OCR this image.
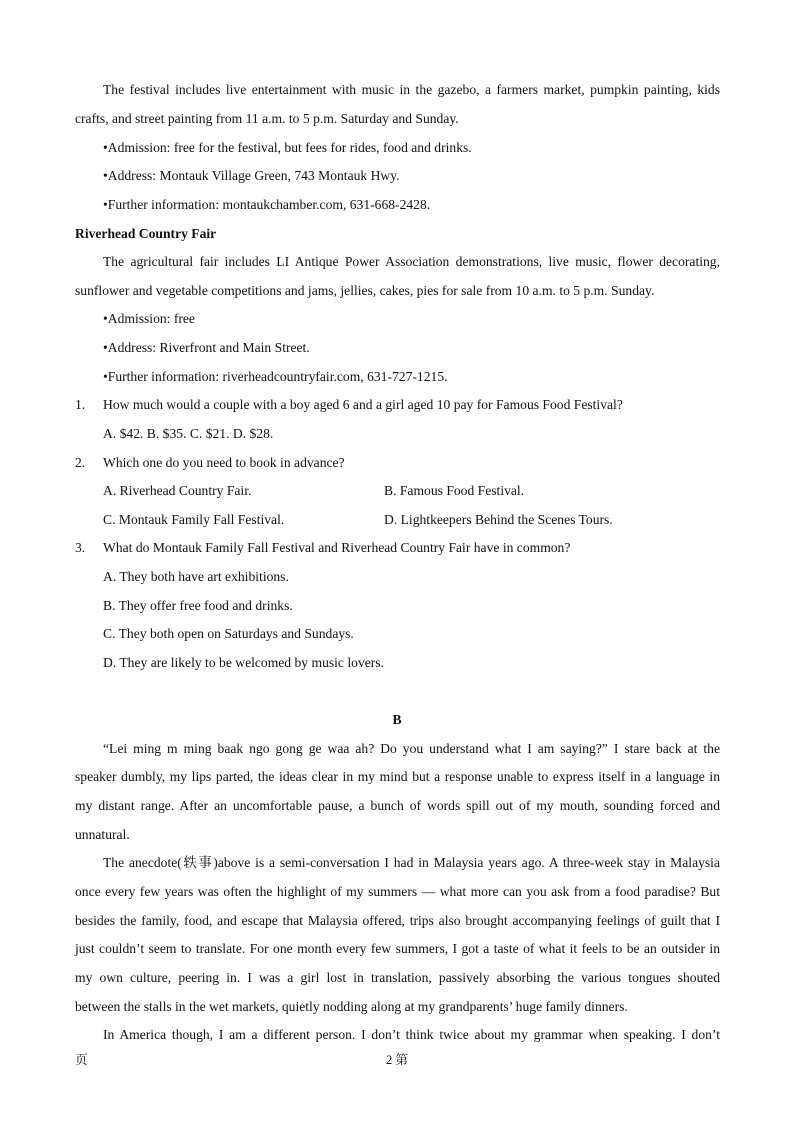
The festival includes live entertainment with music in the gazebo, a farmers market, pumpkin painting, kids
crafts, and street painting from 11 a.m. to 5 p.m. Saturday and Sunday.
•Admission: free for the festival, but fees for rides, food and drinks.
•Address: Montauk Village Green, 743 Montauk Hwy.
•Further information: montaukchamber.com, 631-668-2428.
Riverhead Country Fair
The agricultural fair includes LI Antique Power Association demonstrations, live music, flower decorating,
sunflower and vegetable competitions and jams, jellies, cakes, pies for sale from 10 a.m. to 5 p.m. Sunday.
•Admission: free
•Address: Riverfront and Main Street.
•Further information: riverheadcountryfair.com, 631-727-1215.
1. How much would a couple with a boy aged 6 and a girl aged 10 pay for Famous Food Festival?
A. $42. B. $35. C. $21. D. $28.
2. Which one do you need to book in advance?
A. Riverhead Country Fair.	B. Famous Food Festival.
C. Montauk Family Fall Festival.	D. Lightkeepers Behind the Scenes Tours.
3. What do Montauk Family Fall Festival and Riverhead Country Fair have in common?
A. They both have art exhibitions.
B. They offer free food and drinks.
C. They both open on Saturdays and Sundays.
D. They are likely to be welcomed by music lovers.
B
“Lei ming m ming baak ngo gong ge waa ah? Do you understand what I am saying?” I stare back at the
speaker dumbly, my lips parted, the ideas clear in my mind but a response unable to express itself in a language in
my distant range. After an uncomfortable pause, a bunch of words spill out of my mouth, sounding forced and
unnatural.
The anecdote(轶事)above is a semi-conversation I had in Malaysia years ago. A three-week stay in Malaysia
once every few years was often the highlight of my summers — what more can you ask from a food paradise? But
besides the family, food, and escape that Malaysia offered, trips also brought accompanying feelings of guilt that I
just couldn’t seem to translate. For one month every few summers, I got a taste of what it feels to be an outsider in
my own culture, peering in. I was a girl lost in translation, passively absorbing the various tongues shouted
between the stalls in the wet markets, quietly nodding along at my grandparents’ huge family dinners.
In America though, I am a different person. I don’t think twice about my grammar when speaking. I don’t
页	2 第
